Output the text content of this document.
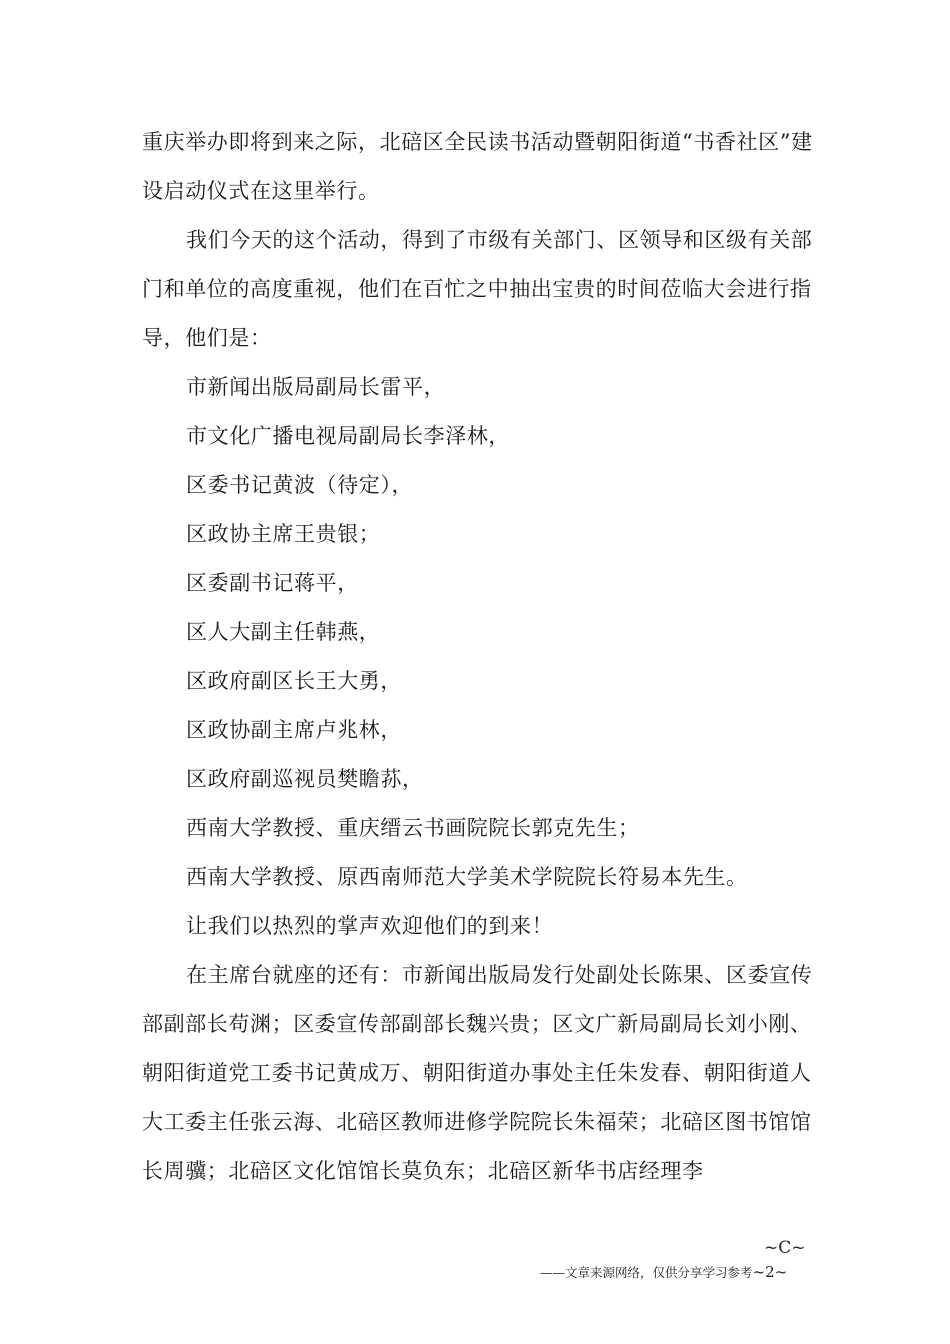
重庆举办即将到来之际，北碚区全民读书活动暨朝阳街道“书香社区”建设启动仪式在这里举行。

我们今天的这个活动，得到了市级有关部门、区领导和区级有关部门和单位的高度重视，他们在百忙之中抽出宝贵的时间莅临大会进行指导，他们是：

市新闻出版局副局长雷平，

市文化广播电视局副局长李泽林，

区委书记黄波（待定），

区政协主席王贵银；

区委副书记蒋平，

区人大副主任韩燕，

区政府副区长王大勇，

区政协副主席卢兆林，

区政府副巡视员樊瞻荪，

西南大学教授、重庆缙云书画院院长郭克先生；

西南大学教授、原西南师范大学美术学院院长符易本先生。

让我们以热烈的掌声欢迎他们的到来！

在主席台就座的还有：市新闻出版局发行处副处长陈果、区委宣传部副部长苟渊；区委宣传部副部长魏兴贵；区文广新局副局长刘小刚、朝阳街道党工委书记黄成万、朝阳街道办事处主任朱发春、朝阳街道人大工委主任张云海、北碚区教师进修学院院长朱福荣；北碚区图书馆馆长周骥；北碚区文化馆馆长莫负东；北碚区新华书店经理李

~C~
——文章来源网络，仅供分享学习参考~2~
